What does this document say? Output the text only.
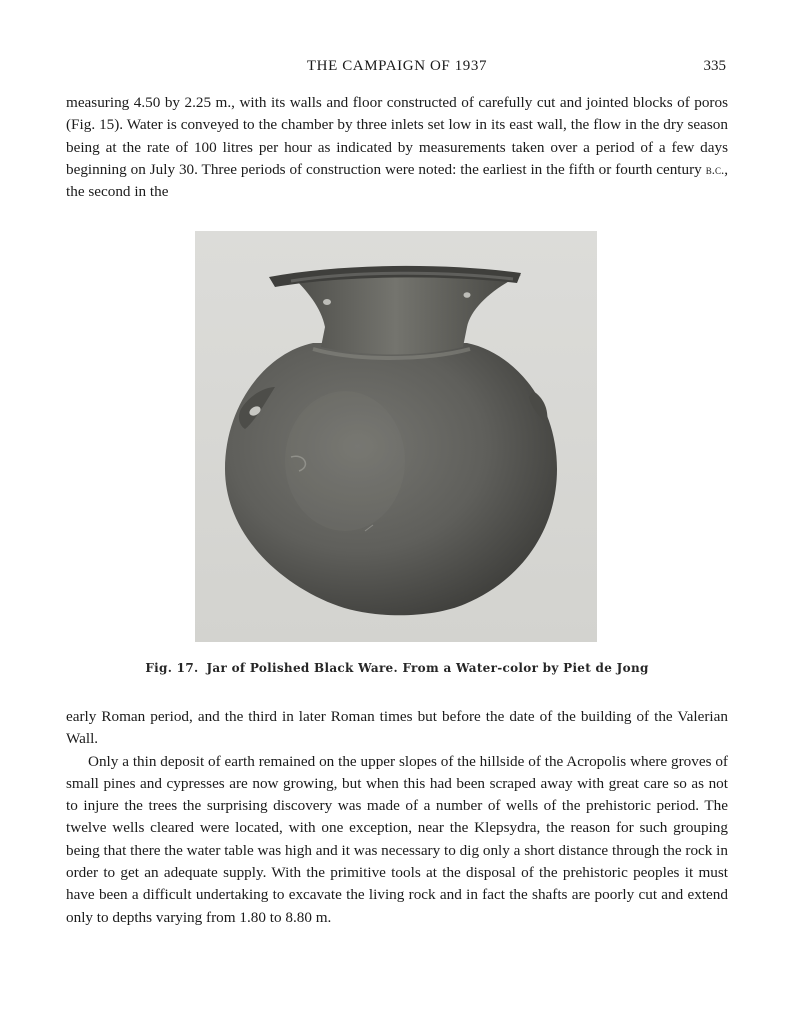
THE CAMPAIGN OF 1937	335

measuring 4.50 by 2.25 m., with its walls and floor constructed of carefully cut and jointed blocks of poros (Fig. 15). Water is conveyed to the chamber by three inlets set low in its east wall, the flow in the dry season being at the rate of 100 litres per hour as indicated by measurements taken over a period of a few days beginning on July 30. Three periods of construction were noted: the earliest in the fifth or fourth century b.c., the second in the

Fig. 17. Jar of Polished Black Ware. From a Water-color by Piet de Jong

early Roman period, and the third in later Roman times but before the date of the building of the Valerian Wall.

Only a thin deposit of earth remained on the upper slopes of the hillside of the Acropolis where groves of small pines and cypresses are now growing, but when this had been scraped away with great care so as not to injure the trees the surprising discovery was made of a number of wells of the prehistoric period. The twelve wells cleared were located, with one exception, near the Klepsydra, the reason for such grouping being that there the water table was high and it was necessary to dig only a short distance through the rock in order to get an adequate supply. With the primitive tools at the disposal of the prehistoric peoples it must have been a difficult undertaking to excavate the living rock and in fact the shafts are poorly cut and extend only to depths varying from 1.80 to 8.80 m.
